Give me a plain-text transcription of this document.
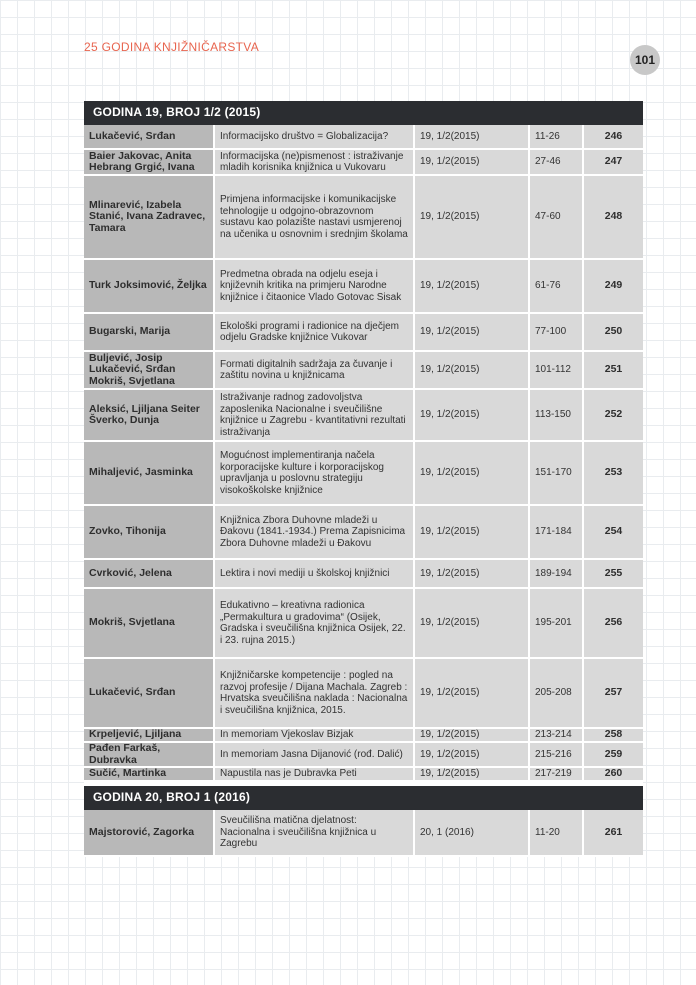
25 GODINA KNJIŽNIČARSTVA
101
GODINA 19, BROJ 1/2 (2015)				
Lukačević, Srđan	Informacijsko društvo = Globalizacija?	19, 1/2(2015)	11-26	246
Baier Jakovac, Anita Hebrang Grgić, Ivana	Informacijska (ne)pismenost : istraživanje mladih korisnika knjižnica u Vukovaru	19, 1/2(2015)	27-46	247
Mlinarević, Izabela Stanić, Ivana Zadravec, Tamara	Primjena informacijske i komunikacijske tehnologije u odgojno-obrazovnom sustavu kao polazište nastavi usmjerenoj na učenika u osnovnim i srednjim školama	19, 1/2(2015)	47-60	248
Turk Joksimović, Željka	Predmetna obrada na odjelu eseja i književnih kritika na primjeru Narodne knjižnice i čitaonice Vlado Gotovac Sisak	19, 1/2(2015)	61-76	249
Bugarski, Marija	Ekološki programi i radionice na dječjem odjelu Gradske knjižnice Vukovar	19, 1/2(2015)	77-100	250
Buljević, Josip Lukačević, Srđan Mokriš, Svjetlana	Formati digitalnih sadržaja za čuvanje i zaštitu novina u knjižnicama	19, 1/2(2015)	101-112	251
Aleksić, Ljiljana Seiter Šverko, Dunja	Istraživanje radnog zadovoljstva zaposlenika Nacionalne i sveučilišne knjižnice u Zagrebu - kvantitativni rezultati istraživanja	19, 1/2(2015)	113-150	252
Mihaljević, Jasminka	Mogućnost implementiranja načela korporacijske kulture i korporacijskog upravljanja u poslovnu strategiju visokoškolske knjižnice	19, 1/2(2015)	151-170	253
Zovko, Tihonija	Knjižnica Zbora Duhovne mladeži u Đakovu (1841.-1934.) Prema Zapisnicima Zbora Duhovne mladeži u Đakovu	19, 1/2(2015)	171-184	254
Cvrković, Jelena	Lektira i novi mediji u školskoj knjižnici	19, 1/2(2015)	189-194	255
Mokriš, Svjetlana	Edukativno – kreativna radionica „Permakultura u gradovima“ (Osijek, Gradska i sveučilišna knjižnica Osijek, 22. i 23. rujna 2015.)	19, 1/2(2015)	195-201	256
Lukačević, Srđan	Knjižničarske kompetencije : pogled na razvoj profesije / Dijana Machala. Zagreb : Hrvatska sveučilišna naklada : Nacionalna i sveučilišna knjižnica, 2015.	19, 1/2(2015)	205-208	257
Krpeljević, Ljiljana	In memoriam Vjekoslav Bizjak	19, 1/2(2015)	213-214	258
Pađen Farkaš, Dubravka	In memoriam Jasna Dijanović (rođ. Dalić)	19, 1/2(2015)	215-216	259
Sučić, Martinka	Napustila nas je Dubravka Peti	19, 1/2(2015)	217-219	260

GODINA 20, BROJ 1 (2016)				
Majstorović, Zagorka	Sveučilišna matična djelatnost: Nacionalna i sveučilišna knjižnica u Zagrebu	20, 1 (2016)	11-20	261
